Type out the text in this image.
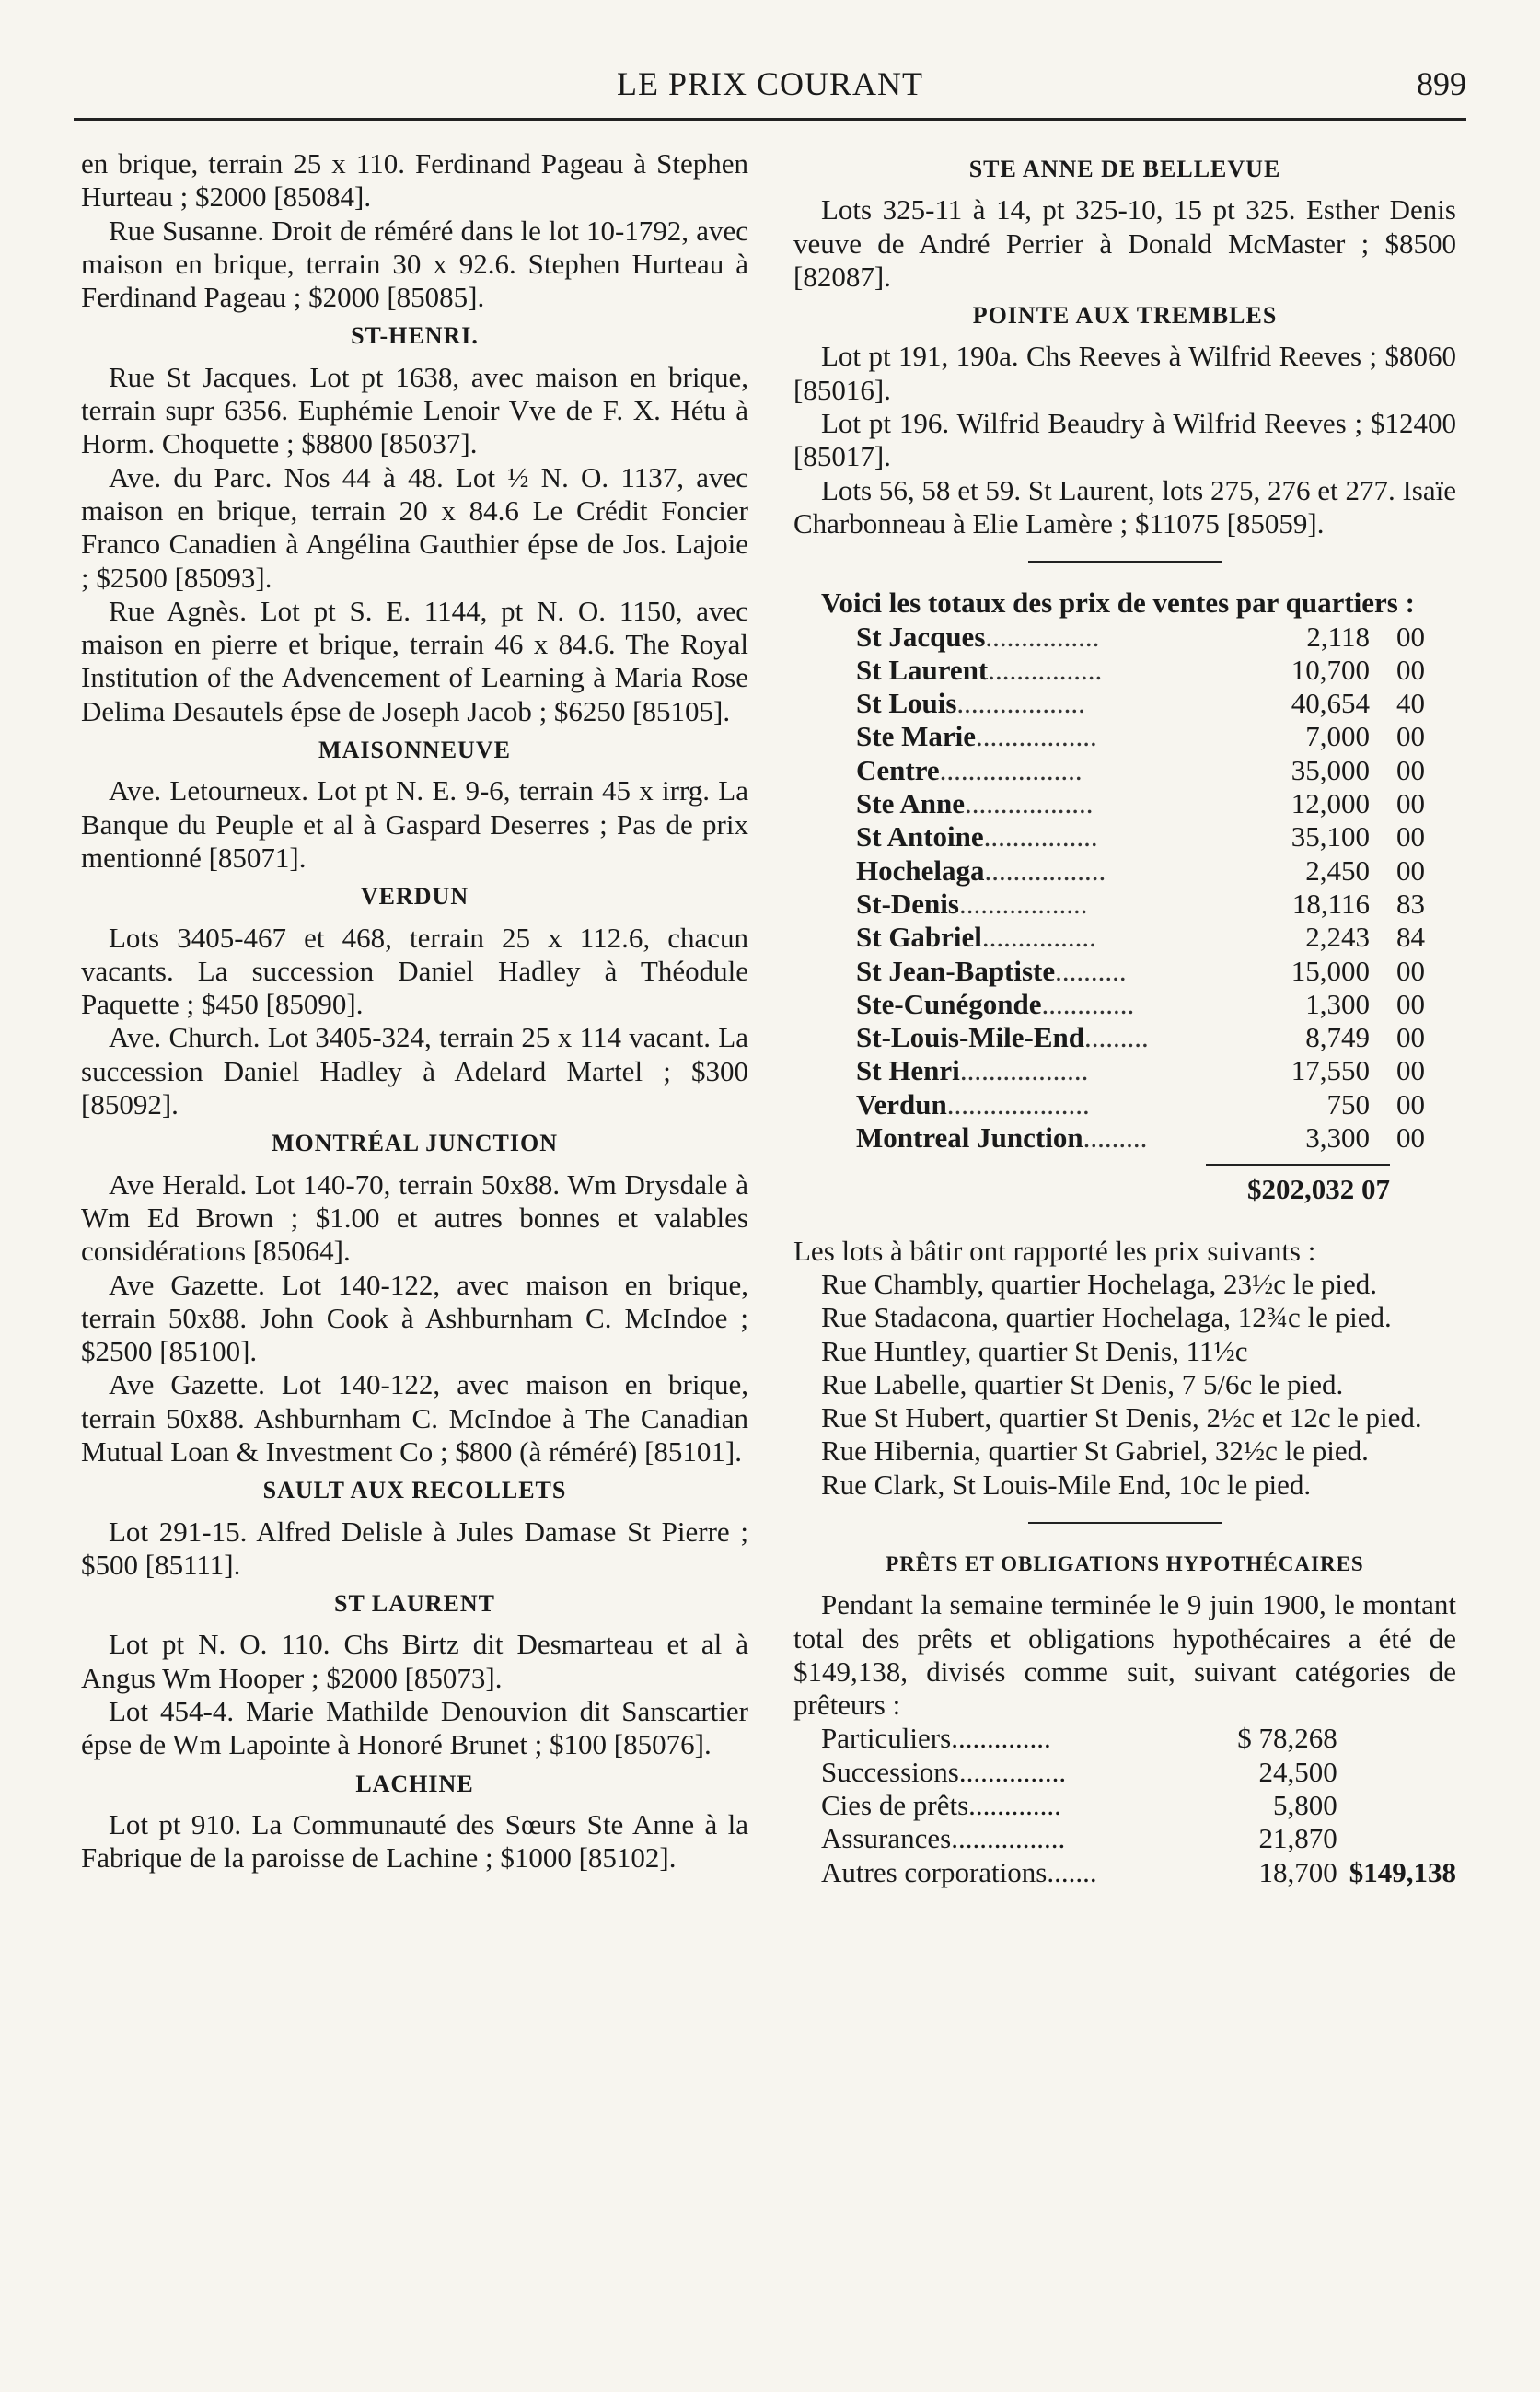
LE PRIX COURANT	899

en brique, terrain 25 x 110. Ferdinand Pageau à Stephen Hurteau ; $2000 [85084].

Rue Susanne. Droit de réméré dans le lot 10-1792, avec maison en brique, terrain 30 x 92.6. Stephen Hurteau à Ferdinand Pageau ; $2000 [85085].

ST-HENRI.

Rue St Jacques. Lot pt 1638, avec maison en brique, terrain supr 6356. Euphémie Lenoir Vve de F. X. Hétu à Horm. Choquette ; $8800 [85037].

Ave. du Parc. Nos 44 à 48. Lot ½ N. O. 1137, avec maison en brique, terrain 20 x 84.6 Le Crédit Foncier Franco Canadien à Angélina Gauthier épse de Jos. Lajoie ; $2500 [85093].

Rue Agnès. Lot pt S. E. 1144, pt N. O. 1150, avec maison en pierre et brique, terrain 46 x 84.6. The Royal Institution of the Advencement of Learning à Maria Rose Delima Desautels épse de Joseph Jacob ; $6250 [85105].

MAISONNEUVE

Ave. Letourneux. Lot pt N. E. 9-6, terrain 45 x irrg. La Banque du Peuple et al à Gaspard Deserres ; Pas de prix mentionné [85071].

VERDUN

Lots 3405-467 et 468, terrain 25 x 112.6, chacun vacants. La succession Daniel Hadley à Théodule Paquette ; $450 [85090].

Ave. Church. Lot 3405-324, terrain 25 x 114 vacant. La succession Daniel Hadley à Adelard Martel ; $300 [85092].

MONTRÉAL JUNCTION

Ave Herald. Lot 140-70, terrain 50x88. Wm Drysdale à Wm Ed Brown ; $1.00 et autres bonnes et valables considérations [85064].

Ave Gazette. Lot 140-122, avec maison en brique, terrain 50x88. John Cook à Ashburnham C. McIndoe ; $2500 [85100].

Ave Gazette. Lot 140-122, avec maison en brique, terrain 50x88. Ashburnham C. McIndoe à The Canadian Mutual Loan & Investment Co ; $800 (à réméré) [85101].

SAULT AUX RECOLLETS

Lot 291-15. Alfred Delisle à Jules Damase St Pierre ; $500 [85111].

ST LAURENT

Lot pt N. O. 110. Chs Birtz dit Desmarteau et al à Angus Wm Hooper ; $2000 [85073].

Lot 454-4. Marie Mathilde Denouvion dit Sanscartier épse de Wm Lapointe à Honoré Brunet ; $100 [85076].

LACHINE

Lot pt 910. La Communauté des Sœurs Ste Anne à la Fabrique de la paroisse de Lachine ; $1000 [85102].

STE ANNE DE BELLEVUE

Lots 325-11 à 14, pt 325-10, 15 pt 325. Esther Denis veuve de André Perrier à Donald McMaster ; $8500 [82087].

POINTE AUX TREMBLES

Lot pt 191, 190a. Chs Reeves à Wilfrid Reeves ; $8060 [85016].

Lot pt 196. Wilfrid Beaudry à Wilfrid Reeves ; $12400 [85017].

Lots 56, 58 et 59. St Laurent, lots 275, 276 et 277. Isaïe Charbonneau à Elie Lamère ; $11075 [85059].

Voici les totaux des prix de ventes par quartiers :

St Jacques................	2,118	00
St Laurent................	10,700	00
St Louis..................	40,654	40
Ste Marie.................	7,000	00
Centre....................	35,000	00
Ste Anne..................	12,000	00
St Antoine................	35,100	00
Hochelaga.................	2,450	00
St-Denis..................	18,116	83
St Gabriel................	2,243	84
St Jean-Baptiste..........	15,000	00
Ste-Cunégonde.............	1,300	00
St-Louis-Mile-End.........	8,749	00
St Henri..................	17,550	00
Verdun....................	750	00
Montreal Junction.........	3,300	00
$202,032 07

Les lots à bâtir ont rapporté les prix suivants :

Rue Chambly, quartier Hochelaga, 23½c le pied.

Rue Stadacona, quartier Hochelaga, 12¾c le pied.

Rue Huntley, quartier St Denis, 11½c

Rue Labelle, quartier St Denis, 7 5/6c le pied.

Rue St Hubert, quartier St Denis, 2½c et 12c le pied.

Rue Hibernia, quartier St Gabriel, 32½c le pied.

Rue Clark, St Louis-Mile End, 10c le pied.

PRÊTS ET OBLIGATIONS HYPOTHÉCAIRES

Pendant la semaine terminée le 9 juin 1900, le montant total des prêts et obligations hypothécaires a été de $149,138, divisés comme suit, suivant catégories de prêteurs :

Particuliers..............	$ 78,268	
Successions...............	24,500	
Cies de prêts.............	5,800	
Assurances................	21,870	
Autres corporations.......	18,700	$149,138
